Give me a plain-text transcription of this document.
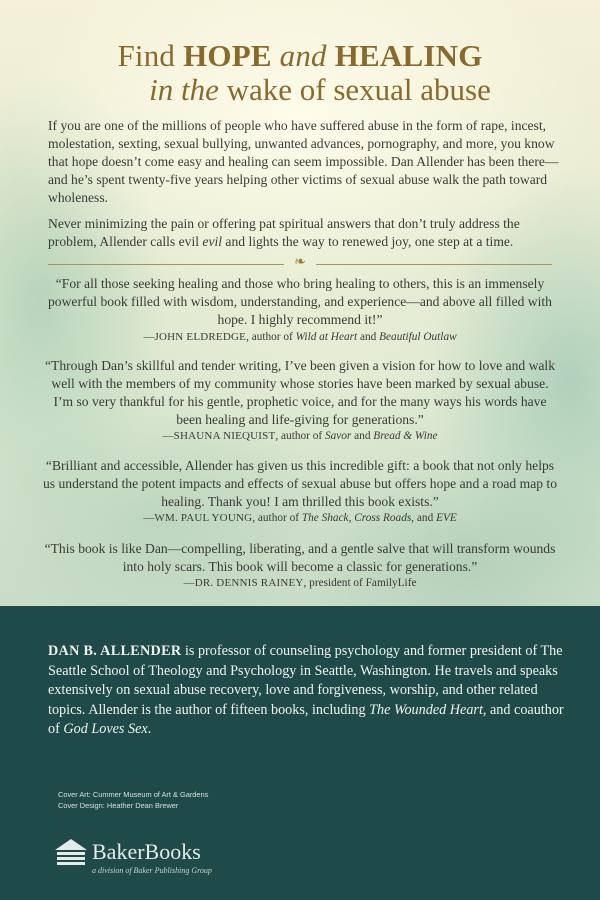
Find HOPE and HEALING
in the wake of sexual abuse

If you are one of the millions of people who have suffered abuse in the form of rape, incest, molestation, sexting, sexual bullying, unwanted advances, pornography, and more, you know that hope doesn’t come easy and healing can seem impossible. Dan Allender has been there—and he’s spent twenty-five years helping other victims of sexual abuse walk the path toward wholeness.

Never minimizing the pain or offering pat spiritual answers that don’t truly address the problem, Allender calls evil evil and lights the way to renewed joy, one step at a time.

❧

“For all those seeking healing and those who bring healing to others, this is an immensely powerful book filled with wisdom, understanding, and experience—and above all filled with hope. I highly recommend it!”

—JOHN ELDREDGE, author of Wild at Heart and Beautiful Outlaw

“Through Dan’s skillful and tender writing, I’ve been given a vision for how to love and walk well with the members of my community whose stories have been marked by sexual abuse. I’m so very thankful for his gentle, prophetic voice, and for the many ways his words have been healing and life-giving for generations.”

—SHAUNA NIEQUIST, author of Savor and Bread & Wine

“Brilliant and accessible, Allender has given us this incredible gift: a book that not only helps us understand the potent impacts and effects of sexual abuse but offers hope and a road map to healing. Thank you! I am thrilled this book exists.”

—WM. PAUL YOUNG, author of The Shack, Cross Roads, and EVE

“This book is like Dan—compelling, liberating, and a gentle salve that will transform wounds into holy scars. This book will become a classic for generations.”

—DR. DENNIS RAINEY, president of FamilyLife

DAN B. ALLENDER is professor of counseling psychology and former president of The Seattle School of Theology and Psychology in Seattle, Washington. He travels and speaks extensively on sexual abuse recovery, love and forgiveness, worship, and other related topics. Allender is the author of fifteen books, including The Wounded Heart, and coauthor of God Loves Sex.

Cover Art: Cummer Museum of Art & Gardens
Cover Design: Heather Dean Brewer
BakerBooks
a division of Baker Publishing Group
